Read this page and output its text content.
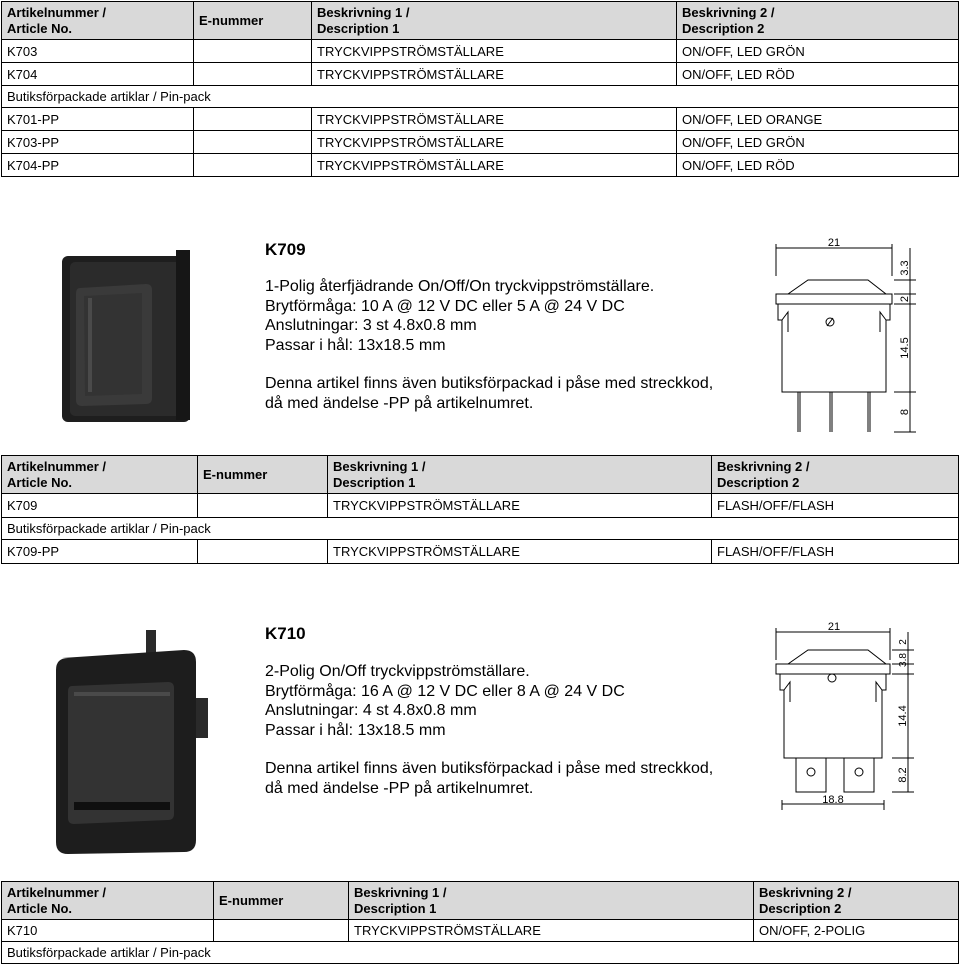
Artikelnummer /
Article No.	E-nummer	Beskrivning 1 /
Description 1	Beskrivning 2 /
Description 2
K703		TRYCKVIPPSTRÖMSTÄLLARE	ON/OFF, LED GRÖN
K704		TRYCKVIPPSTRÖMSTÄLLARE	ON/OFF, LED RÖD
Butiksförpackade artiklar / Pin-pack			
K701-PP		TRYCKVIPPSTRÖMSTÄLLARE	ON/OFF, LED ORANGE
K703-PP		TRYCKVIPPSTRÖMSTÄLLARE	ON/OFF, LED GRÖN
K704-PP		TRYCKVIPPSTRÖMSTÄLLARE	ON/OFF, LED RÖD
K709

1-Polig återfjädrande On/Off/On tryckvippströmställare.

Brytförmåga: 10 A @ 12 V DC eller 5 A @ 24 V DC

Anslutningar: 3 st 4.8x0.8 mm

Passar i hål: 13x18.5 mm

Denna artikel finns även butiksförpackad i påse med streckkod,

då med ändelse -PP på artikelnumret.

21
3.3
2
14.5
8
Artikelnummer /
Article No.	E-nummer	Beskrivning 1 /
Description 1	Beskrivning 2 /
Description 2
K709		TRYCKVIPPSTRÖMSTÄLLARE	FLASH/OFF/FLASH
Butiksförpackade artiklar / Pin-pack			
K709-PP		TRYCKVIPPSTRÖMSTÄLLARE	FLASH/OFF/FLASH
K710

2-Polig On/Off tryckvippströmställare.

Brytförmåga: 16 A @ 12 V DC eller 8 A @ 24 V DC

Anslutningar: 4 st 4.8x0.8 mm

Passar i hål: 13x18.5 mm

Denna artikel finns även butiksförpackad i påse med streckkod,

då med ändelse -PP på artikelnumret.

21
2
3.8
14.4
8.2
18.8
Artikelnummer /
Article No.	E-nummer	Beskrivning 1 /
Description 1	Beskrivning 2 /
Description 2
K710		TRYCKVIPPSTRÖMSTÄLLARE	ON/OFF, 2-POLIG
Butiksförpackade artiklar / Pin-pack			
